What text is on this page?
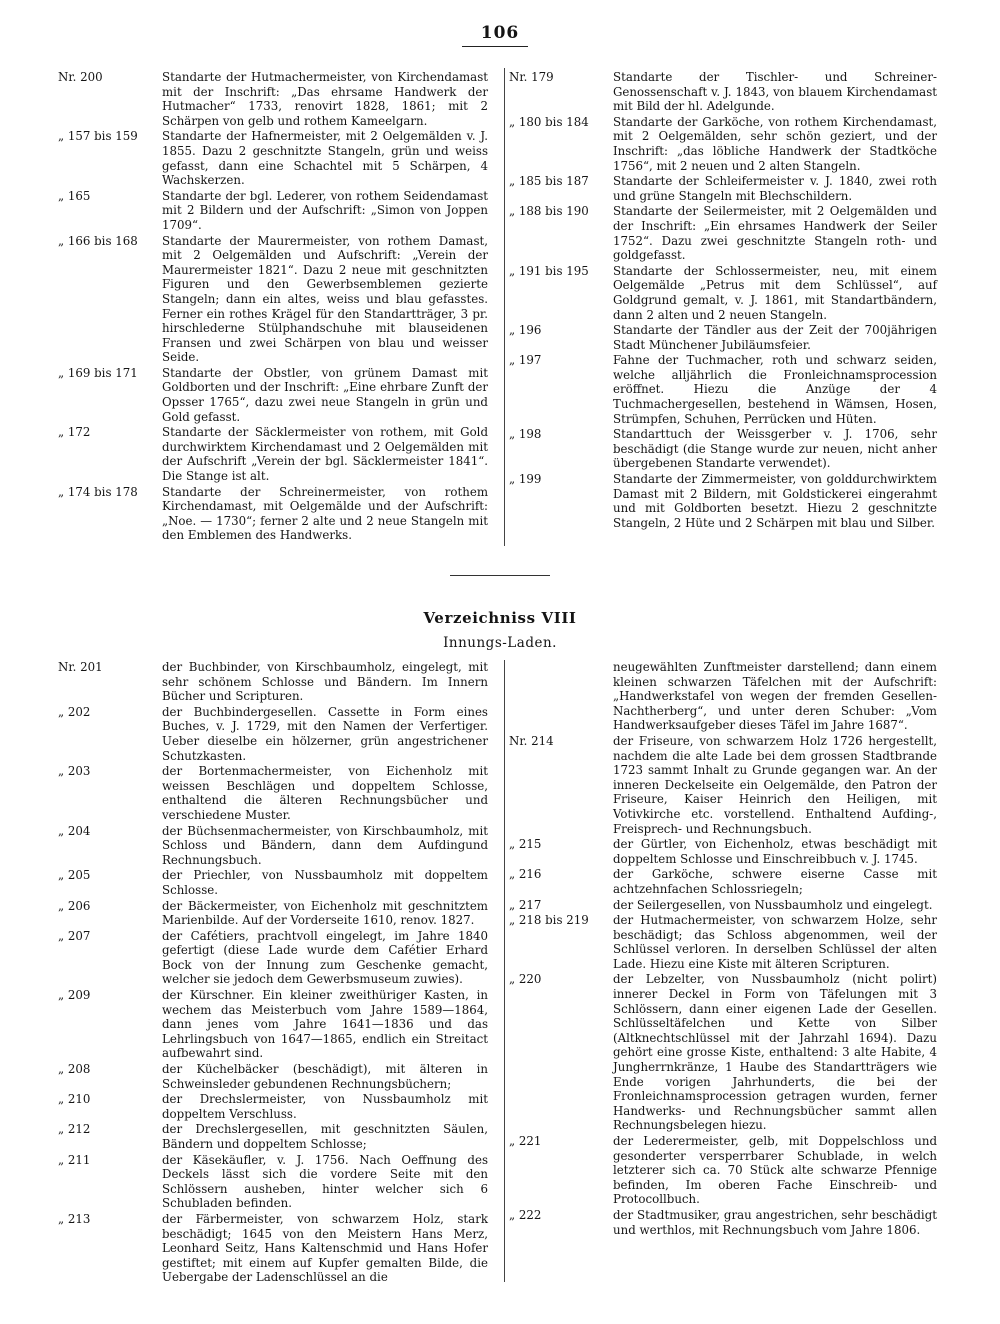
106
Nr. 200	Standarte der Hutmachermeister, von Kirchendamast mit der Inschrift: „Das ehrsame Handwerk der Hutmacher“ 1733, renovirt 1828, 1861; mit 2 Schärpen von gelb und rothem Kameelgarn.
„ 157 bis 159	Standarte der Hafnermeister, mit 2 Oelgemälden v. J. 1855. Dazu 2 geschnitzte Stangeln, grün und weiss gefasst, dann eine Schachtel mit 5 Schärpen, 4 Wachskerzen.
„ 165	Standarte der bgl. Lederer, von rothem Seidendamast mit 2 Bildern und der Aufschrift: „Simon von Joppen 1709“.
„ 166 bis 168	Standarte der Maurermeister, von rothem Damast, mit 2 Oelgemälden und Aufschrift: „Verein der Maurermeister 1821“. Dazu 2 neue mit geschnitzten Figuren und den Gewerbsemblemen gezierte Stangeln; dann ein altes, weiss und blau gefasstes. Ferner ein rothes Krägel für den Standartträger, 3 pr. hirschlederne Stülphandschuhe mit blauseidenen Fransen und zwei Schärpen von blau und weisser Seide.
„ 169 bis 171	Standarte der Obstler, von grünem Damast mit Goldborten und der Inschrift: „Eine ehrbare Zunft der Opsser 1765“, dazu zwei neue Stangeln in grün und Gold gefasst.
„ 172	Standarte der Säcklermeister von rothem, mit Gold durchwirktem Kirchendamast und 2 Oelgemälden mit der Aufschrift „Verein der bgl. Säcklermeister 1841“. Die Stange ist alt.
„ 174 bis 178	Standarte der Schreinermeister, von rothem Kirchendamast, mit Oelgemälde und der Aufschrift: „Noe. — 1730“; ferner 2 alte und 2 neue Stangeln mit den Emblemen des Handwerks.
Nr. 179	Standarte der Tischler- und Schreiner-Genossenschaft v. J. 1843, von blauem Kirchendamast mit Bild der hl. Adelgunde.
„ 180 bis 184	Standarte der Garköche, von rothem Kirchendamast, mit 2 Oelgemälden, sehr schön geziert, und der Inschrift: „das löbliche Handwerk der Stadtköche 1756“, mit 2 neuen und 2 alten Stangeln.
„ 185 bis 187	Standarte der Schleifermeister v. J. 1840, zwei roth und grüne Stangeln mit Blechschildern.
„ 188 bis 190	Standarte der Seilermeister, mit 2 Oelgemälden und der Inschrift: „Ein ehrsames Handwerk der Seiler 1752“. Dazu zwei geschnitzte Stangeln roth- und goldgefasst.
„ 191 bis 195	Standarte der Schlossermeister, neu, mit einem Oelgemälde „Petrus mit dem Schlüssel“, auf Goldgrund gemalt, v. J. 1861, mit Standartbändern, dann 2 alten und 2 neuen Stangeln.
„ 196	Standarte der Tändler aus der Zeit der 700jährigen Stadt Münchener Jubiläumsfeier.
„ 197	Fahne der Tuchmacher, roth und schwarz seiden, welche alljährlich die Fronleichnamsprocession eröffnet. Hiezu die Anzüge der 4 Tuchmachergesellen, bestehend in Wämsen, Hosen, Strümpfen, Schuhen, Perrücken und Hüten.
„ 198	Standarttuch der Weissgerber v. J. 1706, sehr beschädigt (die Stange wurde zur neuen, nicht anher übergebenen Standarte verwendet).
„ 199	Standarte der Zimmermeister, von golddurchwirktem Damast mit 2 Bildern, mit Goldstickerei eingerahmt und mit Goldborten besetzt. Hiezu 2 geschnitzte Stangeln, 2 Hüte und 2 Schärpen mit blau und Silber.
Verzeichniss VIII
Innungs-Laden.
Nr. 201	der Buchbinder, von Kirschbaumholz, eingelegt, mit sehr schönem Schlosse und Bändern. Im Innern Bücher und Scripturen.
„ 202	der Buchbindergesellen. Cassette in Form eines Buches, v. J. 1729, mit den Namen der Verfertiger. Ueber dieselbe ein hölzerner, grün angestrichener Schutzkasten.
„ 203	der Bortenmachermeister, von Eichenholz mit weissen Beschlägen und doppeltem Schlosse, enthaltend die älteren Rechnungsbücher und verschiedene Muster.
„ 204	der Büchsenmachermeister, von Kirschbaumholz, mit Schloss und Bändern, dann dem Aufdingund Rechnungsbuch.
„ 205	der Priechler, von Nussbaumholz mit doppeltem Schlosse.
„ 206	der Bäckermeister, von Eichenholz mit geschnitztem Marienbilde. Auf der Vorderseite 1610, renov. 1827.
„ 207	der Cafétiers, prachtvoll eingelegt, im Jahre 1840 gefertigt (diese Lade wurde dem Cafétier Erhard Bock von der Innung zum Geschenke gemacht, welcher sie jedoch dem Gewerbsmuseum zuwies).
„ 209	der Kürschner. Ein kleiner zweithüriger Kasten, in wechem das Meisterbuch vom Jahre 1589—1864, dann jenes vom Jahre 1641—1836 und das Lehrlingsbuch von 1647—1865, endlich ein Streitact aufbewahrt sind.
„ 208	der Küchelbäcker (beschädigt), mit älteren in Schweinsleder gebundenen Rechnungsbüchern;
„ 210	der Drechslermeister, von Nussbaumholz mit doppeltem Verschluss.
„ 212	der Drechslergesellen, mit geschnitzten Säulen, Bändern und doppeltem Schlosse;
„ 211	der Käsekäufler, v. J. 1756. Nach Oeffnung des Deckels lässt sich die vordere Seite mit den Schlössern ausheben, hinter welcher sich 6 Schubladen befinden.
„ 213	der Färbermeister, von schwarzem Holz, stark beschädigt; 1645 von den Meistern Hans Merz, Leonhard Seitz, Hans Kaltenschmid und Hans Hofer gestiftet; mit einem auf Kupfer gemalten Bilde, die Uebergabe der Ladenschlüssel an die
neugewählten Zunftmeister darstellend; dann einem kleinen schwarzen Täfelchen mit der Aufschrift: „Handwerkstafel von wegen der fremden Gesellen-Nachtherberg“, und unter deren Schuber: „Vom Handwerksaufgeber dieses Täfel im Jahre 1687“.
Nr. 214	der Friseure, von schwarzem Holz 1726 hergestellt, nachdem die alte Lade bei dem grossen Stadtbrande 1723 sammt Inhalt zu Grunde gegangen war. An der inneren Deckelseite ein Oelgemälde, den Patron der Friseure, Kaiser Heinrich den Heiligen, mit Votivkirche etc. vorstellend. Enthaltend Aufding-, Freisprech- und Rechnungsbuch.
„ 215	der Gürtler, von Eichenholz, etwas beschädigt mit doppeltem Schlosse und Einschreibbuch v. J. 1745.
„ 216	der Garköche, schwere eiserne Casse mit achtzehnfachen Schlossriegeln;
„ 217	der Seilergesellen, von Nussbaumholz und eingelegt.
„ 218 bis 219	der Hutmachermeister, von schwarzem Holze, sehr beschädigt; das Schloss abgenommen, weil der Schlüssel verloren. In derselben Schlüssel der alten Lade. Hiezu eine Kiste mit älteren Scripturen.
„ 220	der Lebzelter, von Nussbaumholz (nicht polirt) innerer Deckel in Form von Täfelungen mit 3 Schlössern, dann einer eigenen Lade der Gesellen. Schlüsseltäfelchen und Kette von Silber (Altknechtschlüssel mit der Jahrzahl 1694). Dazu gehört eine grosse Kiste, enthaltend: 3 alte Habite, 4 Jungherrnkränze, 1 Haube des Standartträgers wie Ende vorigen Jahrhunderts, die bei der Fronleichnamsprocession getragen wurden, ferner Handwerks- und Rechnungsbücher sammt allen Rechnungsbelegen hiezu.
„ 221	der Lederermeister, gelb, mit Doppelschloss und gesonderter versperrbarer Schublade, in welch letzterer sich ca. 70 Stück alte schwarze Pfennige befinden, Im oberen Fache Einschreib- und Protocollbuch.
„ 222	der Stadtmusiker, grau angestrichen, sehr beschädigt und werthlos, mit Rechnungsbuch vom Jahre 1806.
